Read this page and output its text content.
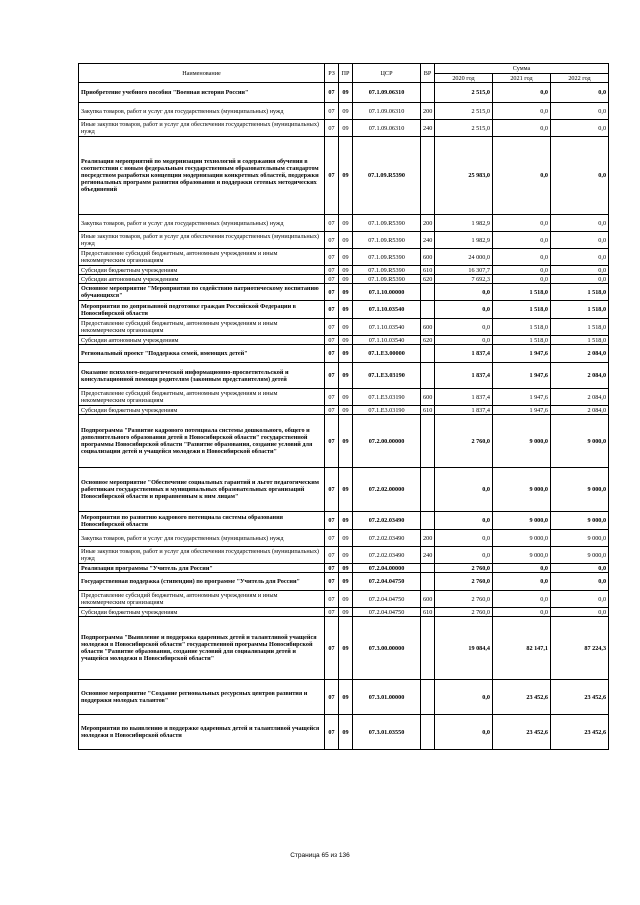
Наименование	РЗ	ПР	ЦСР	ВР	Сумма		
					2020 год	2021 год	2022 год
Приобретение учебного пособия "Военная история России"	07	09	07.1.09.06310		2 515,0	0,0	0,0
Закупка товаров, работ и услуг для государственных (муниципальных) нужд	07	09	07.1.09.06310	200	2 515,0	0,0	0,0
Иные закупки товаров, работ и услуг для обеспечения государственных (муниципальных) нужд	07	09	07.1.09.06310	240	2 515,0	0,0	0,0
Реализация мероприятий по модернизации технологий и содержания обучения в соответствии с новым федеральным государственным образовательным стандартом посредством разработки концепции модернизации конкретных областей, поддержки региональных программ развития образования и поддержки сетевых методических объединений	07	09	07.1.09.R5390		25 983,0	0,0	0,0
Закупка товаров, работ и услуг для государственных (муниципальных) нужд	07	09	07.1.09.R5390	200	1 982,9	0,0	0,0
Иные закупки товаров, работ и услуг для обеспечения государственных (муниципальных) нужд	07	09	07.1.09.R5390	240	1 982,9	0,0	0,0
Предоставление субсидий бюджетным, автономным учреждениям и иным некоммерческим организациям	07	09	07.1.09.R5390	600	24 000,0	0,0	0,0
Субсидии бюджетным учреждениям	07	09	07.1.09.R5390	610	16 307,7	0,0	0,0
Субсидии автономным учреждениям	07	09	07.1.09.R5390	620	7 692,3	0,0	0,0
Основное мероприятие "Мероприятия по содействию патриотическому воспитанию обучающихся"	07	09	07.1.10.00000		0,0	1 518,0	1 518,0
Мероприятия по допризывной подготовке граждан Российской Федерации в Новосибирской области	07	09	07.1.10.03540		0,0	1 518,0	1 518,0
Предоставление субсидий бюджетным, автономным учреждениям и иным некоммерческим организациям	07	09	07.1.10.03540	600	0,0	1 518,0	1 518,0
Субсидии автономным учреждениям	07	09	07.1.10.03540	620	0,0	1 518,0	1 518,0
Региональный проект "Поддержка семей, имеющих детей"	07	09	07.1.E3.00000		1 837,4	1 947,6	2 084,0
Оказание психолого-педагогической информационно-просветительской и консультационной помощи родителям (законным представителям) детей	07	09	07.1.E3.03190		1 837,4	1 947,6	2 084,0
Предоставление субсидий бюджетным, автономным учреждениям и иным некоммерческим организациям	07	09	07.1.E3.03190	600	1 837,4	1 947,6	2 084,0
Субсидии бюджетным учреждениям	07	09	07.1.E3.03190	610	1 837,4	1 947,6	2 084,0
Подпрограмма "Развитие кадрового потенциала системы дошкольного, общего и дополнительного образования детей в Новосибирской области" государственной программы Новосибирской области "Развитие образования, создание условий для социализации детей и учащейся молодежи в Новосибирской области"	07	09	07.2.00.00000		2 760,0	9 000,0	9 000,0
Основное мероприятие "Обеспечение социальных гарантий и льгот педагогическим работникам государственных и муниципальных образовательных организаций Новосибирской области и приравненным к ним лицам"	07	09	07.2.02.00000		0,0	9 000,0	9 000,0
Мероприятия по развитию кадрового потенциала системы образования Новосибирской области	07	09	07.2.02.03490		0,0	9 000,0	9 000,0
Закупка товаров, работ и услуг для государственных (муниципальных) нужд	07	09	07.2.02.03490	200	0,0	9 000,0	9 000,0
Иные закупки товаров, работ и услуг для обеспечения государственных (муниципальных) нужд	07	09	07.2.02.03490	240	0,0	9 000,0	9 000,0
Реализация программы "Учитель для России"	07	09	07.2.04.00000		2 760,0	0,0	0,0
Государственная поддержка (стипендии) по программе "Учитель для России"	07	09	07.2.04.04750		2 760,0	0,0	0,0
Предоставление субсидий бюджетным, автономным учреждениям и иным некоммерческим организациям	07	09	07.2.04.04750	600	2 760,0	0,0	0,0
Субсидии бюджетным учреждениям	07	09	07.2.04.04750	610	2 760,0	0,0	0,0
Подпрограмма "Выявление и поддержка одаренных детей и талантливой учащейся молодежи в Новосибирской области" государственной программы Новосибирской области "Развитие образования, создание условий для социализации детей и учащейся молодежи в Новосибирской области"	07	09	07.3.00.00000		19 084,4	82 147,1	87 224,3
Основное мероприятие "Создание региональных ресурсных центров развития и поддержки молодых талантов"	07	09	07.3.01.00000		0,0	23 452,6	23 452,6
Мероприятия по выявлению и поддержке одаренных детей и талантливой учащейся молодежи в Новосибирской области	07	09	07.3.01.03550		0,0	23 452,6	23 452,6
Страница 65 из 136
